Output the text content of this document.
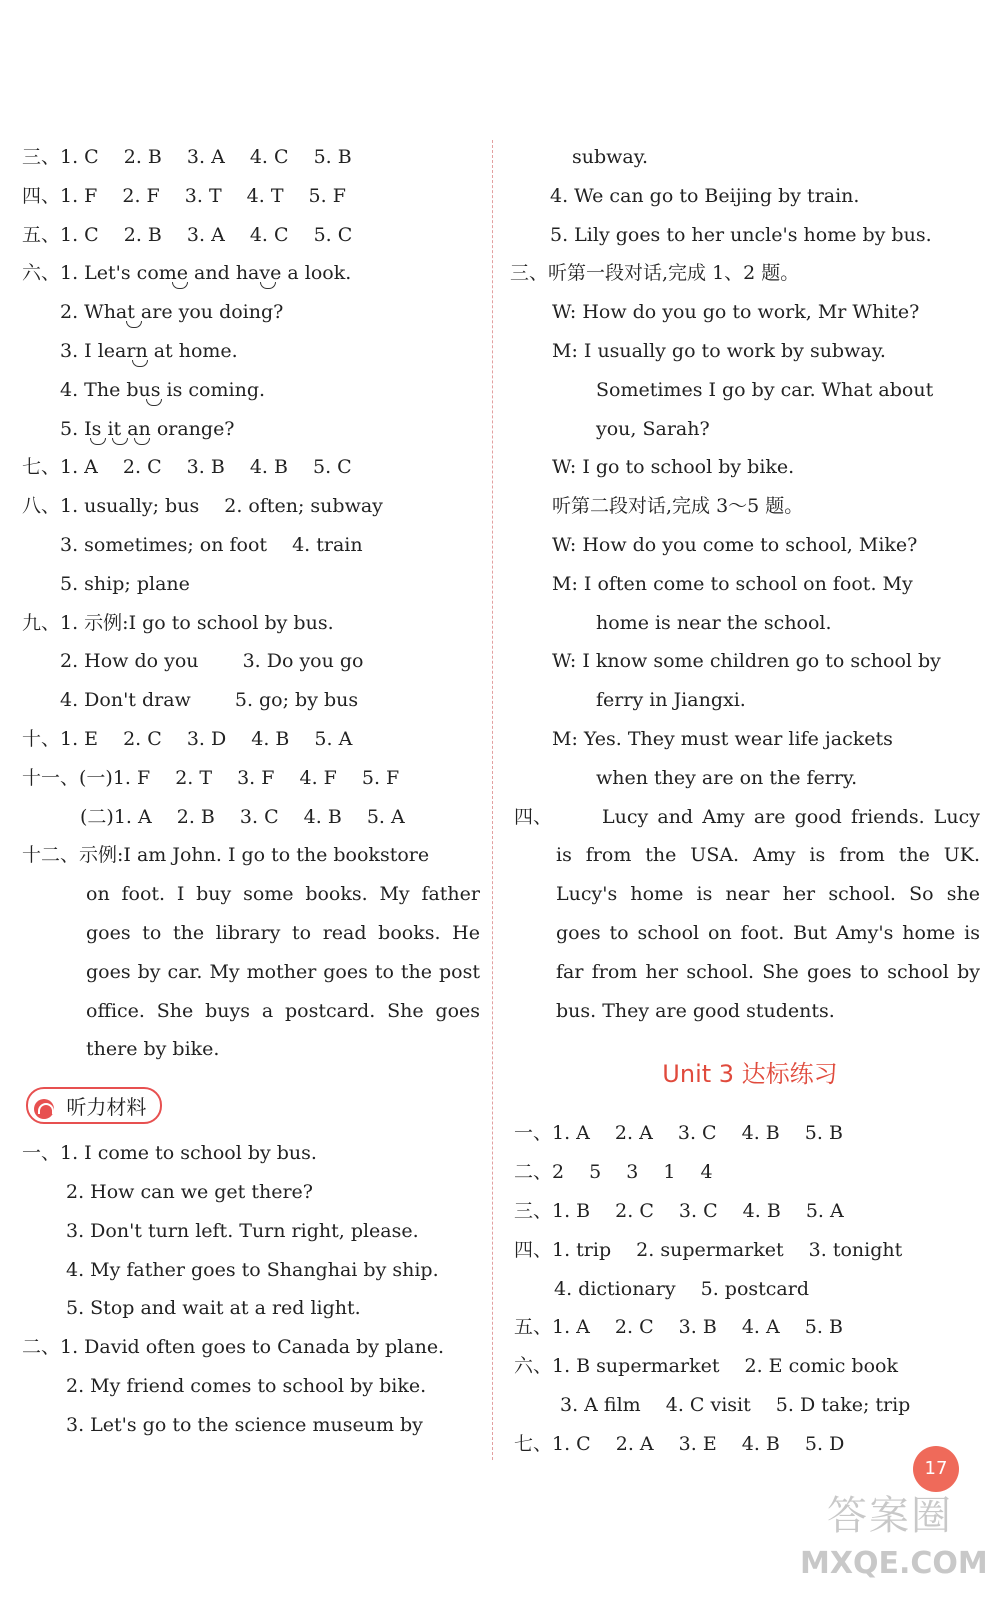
三、1. C　 2. B　 3. A　 4. C　 5. B
四、1. F　 2. F　 3. T　 4. T　 5. F
五、1. C　 2. B　 3. A　 4. C　 5. C
六、1. Let's come and have a look.
2. What are you doing?
3. I learn at home.
4. The bus is coming.
5. Is it an orange?
七、1. A　 2. C　 3. B　 4. B　 5. C
八、1. usually; bus　 2. often; subway
3. sometimes; on foot　 4. train
5. ship; plane
九、1. 示例:I go to school by bus.
2. How do you　　 3. Do you go
4. Don't draw　　 5. go; by bus
十、1. E　 2. C　 3. D　 4. B　 5. A
十一、(一)1. F　 2. T　 3. F　 4. F　 5. F
(二)1. A　 2. B　 3. C　 4. B　 5. A
十二、示例:I am John. I go to the bookstore
on foot. I buy some books. My father goes to the library to read books. He goes by car. My mother goes to the post office. She buys a postcard. She goes there by bike.
听力材料
一、1. I come to school by bus.
2. How can we get there?
3. Don't turn left. Turn right, please.
4. My father goes to Shanghai by ship.
5. Stop and wait at a red light.
二、1. David often goes to Canada by plane.
2. My friend comes to school by bike.
3. Let's go to the science museum by
subway.
4. We can go to Beijing by train.
5. Lily goes to her uncle's home by bus.
三、听第一段对话,完成 1、2 题。
W: How do you go to work, Mr White?
M: I usually go to work by subway.
Sometimes I go by car. What about
you, Sarah?
W: I go to school by bike.
听第二段对话,完成 3～5 题。
W: How do you come to school, Mike?
M: I often come to school on foot. My
home is near the school.
W: I know some children go to school by
ferry in Jiangxi.
M: Yes. They must wear life jackets
when they are on the ferry.
四、	Lucy and Amy are good friends. Lucy is from the USA. Amy is from the UK. Lucy's home is near her school. So she goes to school on foot. But Amy's home is far from her school. She goes to school by bus. They are good students.
Unit 3 达标练习
一、1. A　 2. A　 3. C　 4. B　 5. B
二、2　 5　 3　 1　 4
三、1. B　 2. C　 3. C　 4. B　 5. A
四、1. trip　 2. supermarket　 3. tonight
4. dictionary　 5. postcard
五、1. A　 2. C　 3. B　 4. A　 5. B
六、1. B supermarket　 2. E comic book
3. A film　 4. C visit　 5. D take; trip
七、1. C　 2. A　 3. E　 4. B　 5. D
17
答案圈
MXQE.COM
